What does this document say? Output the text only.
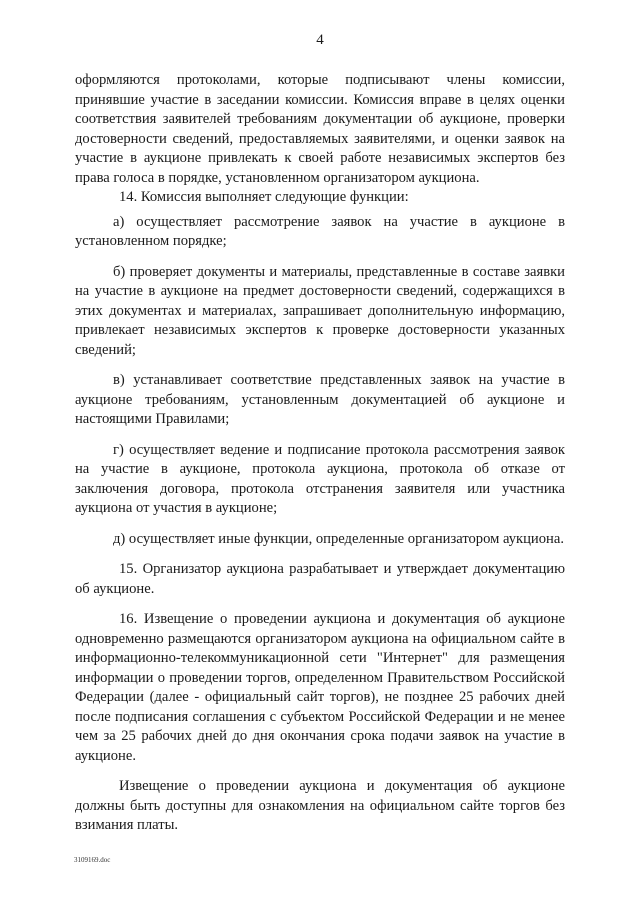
4

оформляются протоколами, которые подписывают члены комиссии, принявшие участие в заседании комиссии. Комиссия вправе в целях оценки соответствия заявителей требованиям документации об аукционе, проверки достоверности сведений, предоставляемых заявителями, и оценки заявок на участие в аукционе привлекать к своей работе независимых экспертов без права голоса в порядке, установленном организатором аукциона.

14. Комиссия выполняет следующие функции:

а) осуществляет рассмотрение заявок на участие в аукционе в установленном порядке;

б) проверяет документы и материалы, представленные в составе заявки на участие в аукционе на предмет достоверности сведений, содержащихся в этих документах и материалах, запрашивает дополнительную информацию, привлекает независимых экспертов к проверке достоверности указанных сведений;

в) устанавливает соответствие представленных заявок на участие в аукционе требованиям, установленным документацией об аукционе и настоящими Правилами;

г) осуществляет ведение и подписание протокола рассмотрения заявок на участие в аукционе, протокола аукциона, протокола об отказе от заключения договора, протокола отстранения заявителя или участника аукциона от участия в аукционе;

д) осуществляет иные функции, определенные организатором аукциона.

15. Организатор аукциона разрабатывает и утверждает документацию об аукционе.

16. Извещение о проведении аукциона и документация об аукционе одновременно размещаются организатором аукциона на официальном сайте в информационно-телекоммуникационной сети "Интернет" для размещения информации о проведении торгов, определенном Правительством Российской Федерации (далее - официальный сайт торгов), не позднее 25 рабочих дней после подписания соглашения с субъектом Российской Федерации и не менее чем за 25 рабочих дней до дня окончания срока подачи заявок на участие в аукционе.

Извещение о проведении аукциона и документация об аукционе должны быть доступны для ознакомления на официальном сайте торгов без взимания платы.

3109169.doc
